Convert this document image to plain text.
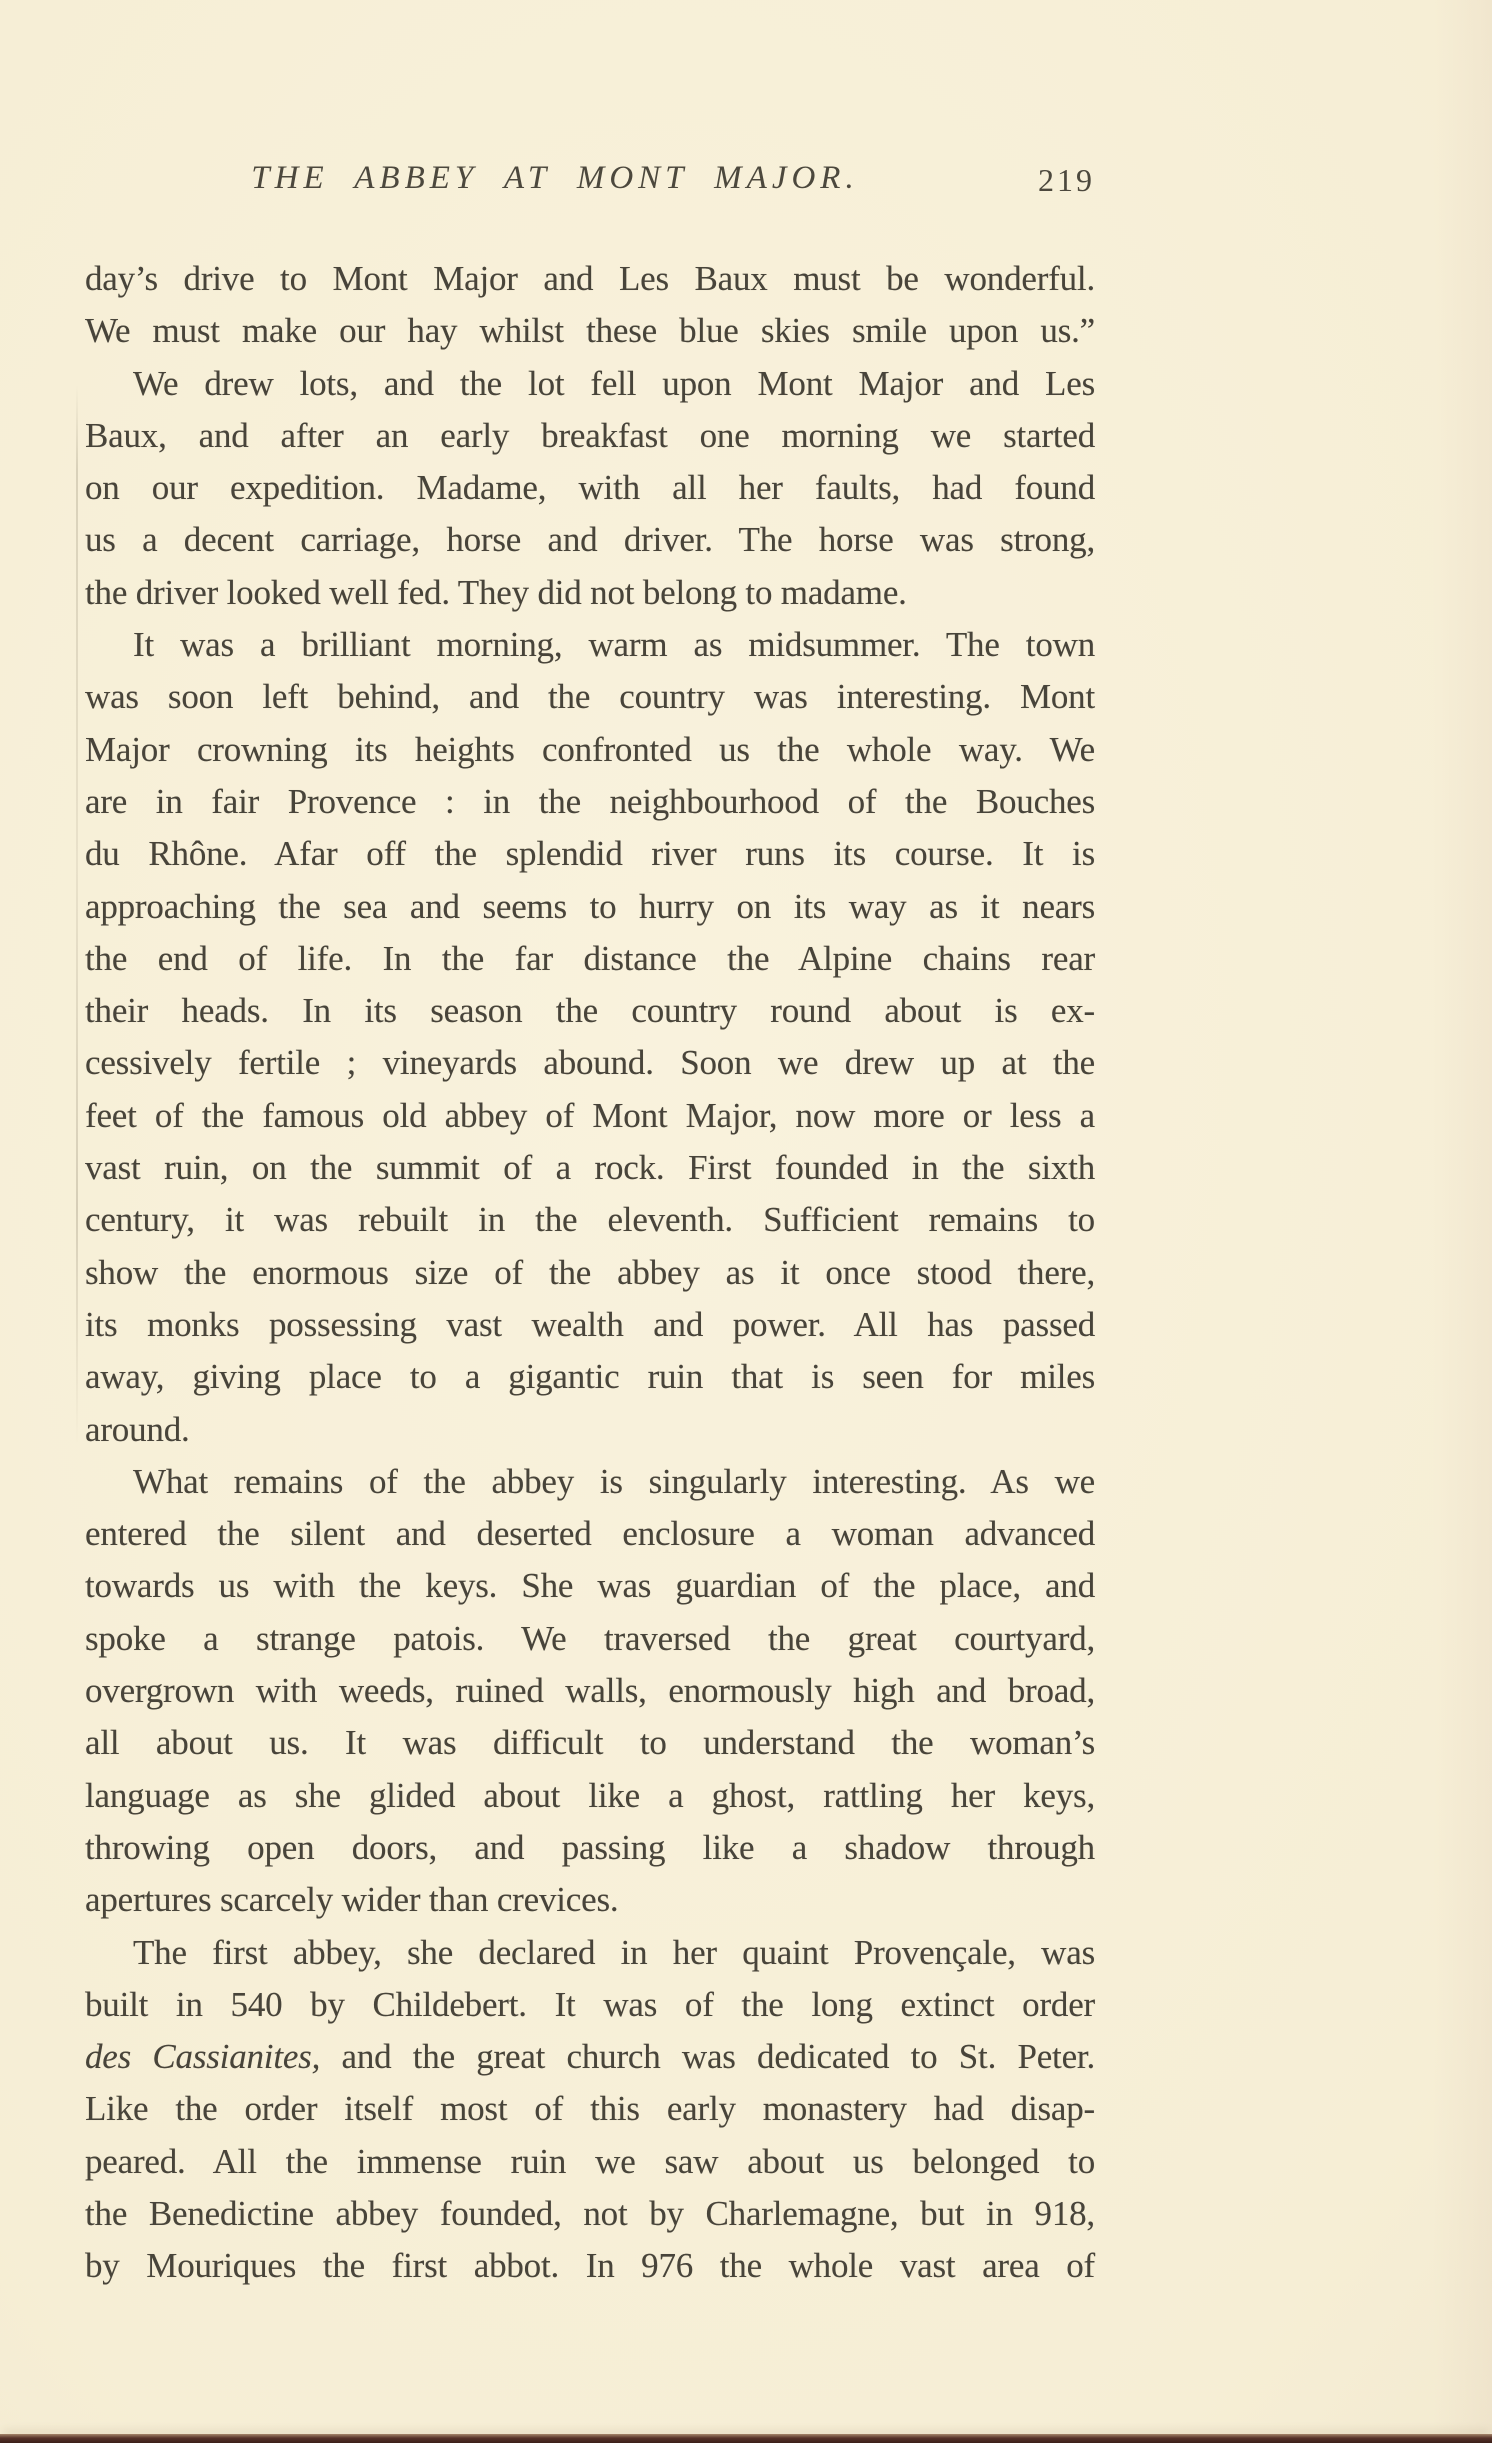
THE ABBEY AT MONT MAJOR.	219
day’s drive to Mont Major and Les Baux must be wonderful.
We must make our hay whilst these blue skies smile upon us.”
We drew lots, and the lot fell upon Mont Major and Les
Baux, and after an early breakfast one morning we started
on our expedition. Madame, with all her faults, had found
us a decent carriage, horse and driver. The horse was strong,
the driver looked well fed. They did not belong to madame.
It was a brilliant morning, warm as midsummer. The town
was soon left behind, and the country was interesting. Mont
Major crowning its heights confronted us the whole way. We
are in fair Provence : in the neighbourhood of the Bouches
du Rhône. Afar off the splendid river runs its course. It is
approaching the sea and seems to hurry on its way as it nears
the end of life. In the far distance the Alpine chains rear
their heads. In its season the country round about is ex-
cessively fertile ; vineyards abound. Soon we drew up at the
feet of the famous old abbey of Mont Major, now more or less a
vast ruin, on the summit of a rock. First founded in the sixth
century, it was rebuilt in the eleventh. Sufficient remains to
show the enormous size of the abbey as it once stood there,
its monks possessing vast wealth and power. All has passed
away, giving place to a gigantic ruin that is seen for miles
around.
What remains of the abbey is singularly interesting. As we
entered the silent and deserted enclosure a woman advanced
towards us with the keys. She was guardian of the place, and
spoke a strange patois. We traversed the great courtyard,
overgrown with weeds, ruined walls, enormously high and broad,
all about us. It was difficult to understand the woman’s
language as she glided about like a ghost, rattling her keys,
throwing open doors, and passing like a shadow through
apertures scarcely wider than crevices.
The first abbey, she declared in her quaint Provençale, was
built in 540 by Childebert. It was of the long extinct order
des Cassianites, and the great church was dedicated to St. Peter.
Like the order itself most of this early monastery had disap-
peared. All the immense ruin we saw about us belonged to
the Benedictine abbey founded, not by Charlemagne, but in 918,
by Mouriques the first abbot. In 976 the whole vast area of
